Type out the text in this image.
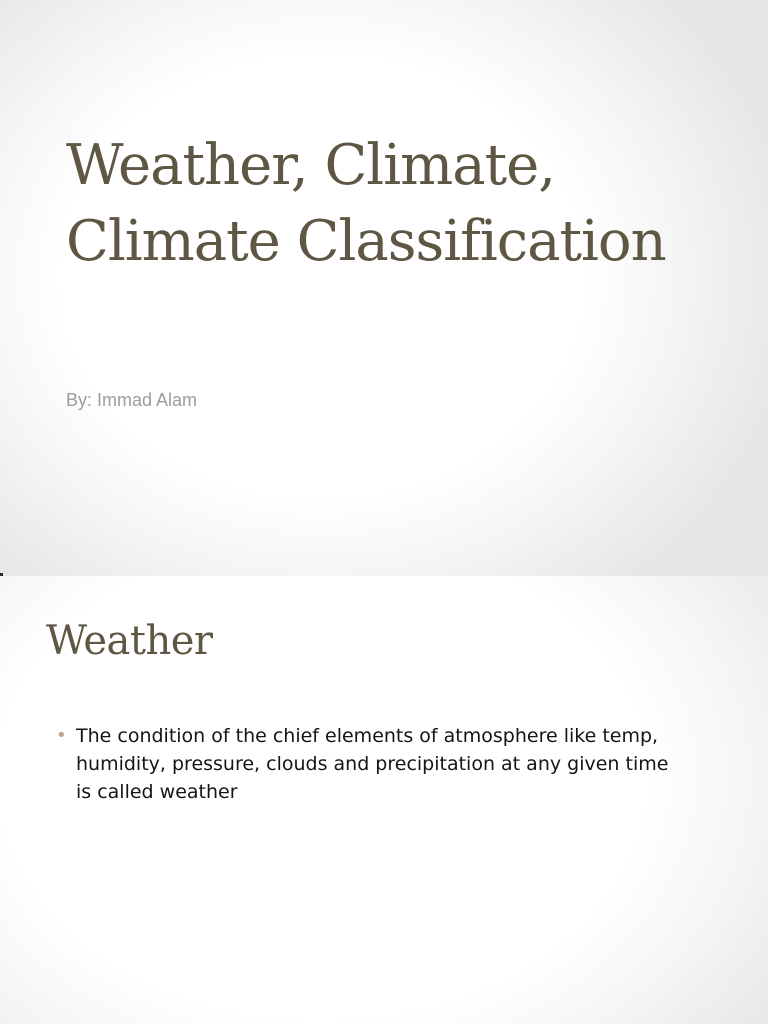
Weather, Climate, Climate Classification

By: Immad Alam

Weather
• The condition of the chief elements of atmosphere like temp, humidity, pressure, clouds and precipitation at any given time is called weather
